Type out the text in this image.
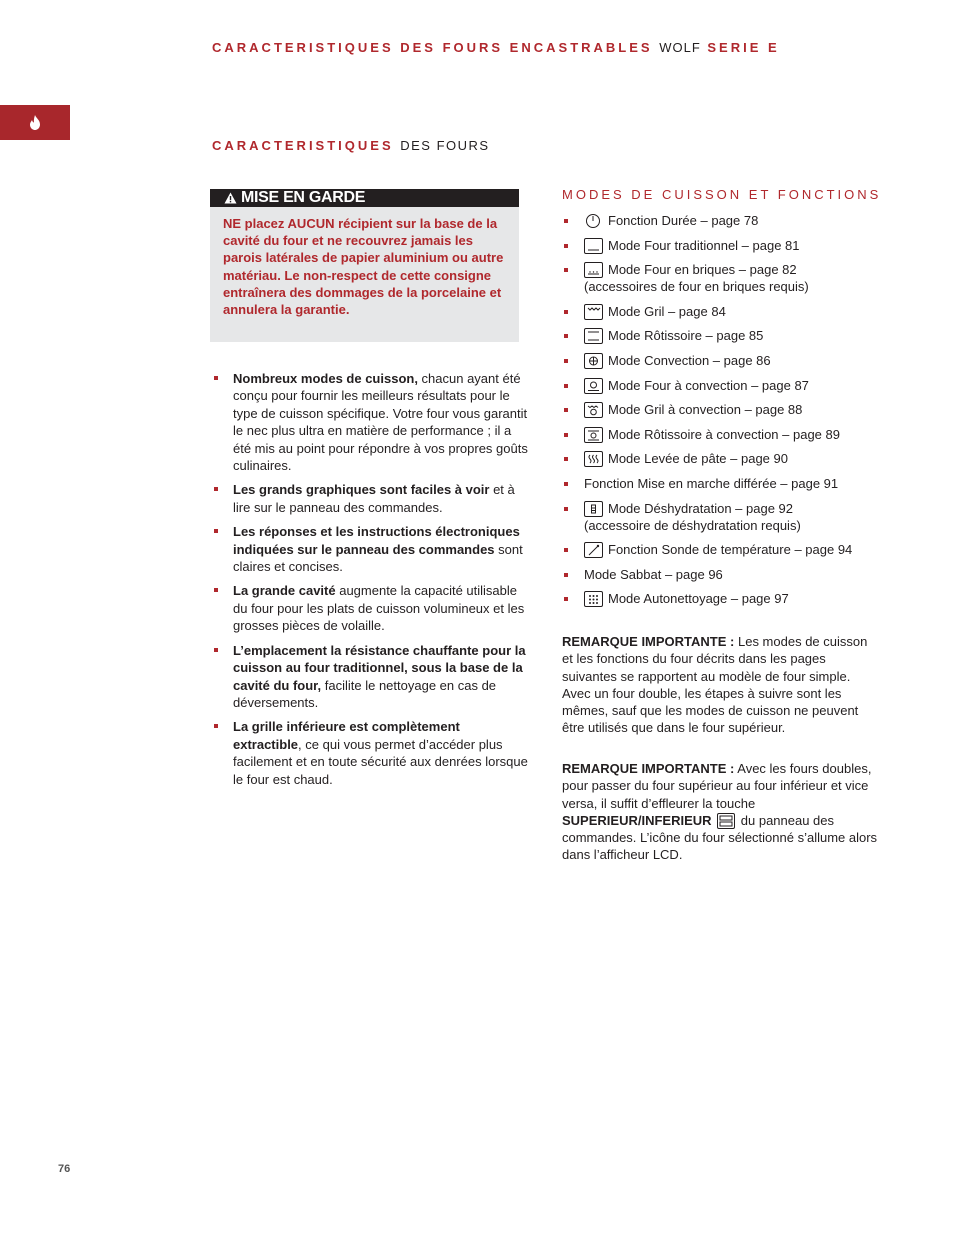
CARACTERISTIQUES DES FOURS ENCASTRABLES WOLF SERIE E
CARACTERISTIQUES DES FOURS
MISE EN GARDE
NE placez AUCUN récipient sur la base de la cavité du four et ne recouvrez jamais les parois latérales de papier aluminium ou autre matériau. Le non-respect de cette consigne entraînera des dommages de la porcelaine et annulera la garantie.
Nombreux modes de cuisson, chacun ayant été conçu pour fournir les meilleurs résultats pour le type de cuisson spécifique. Votre four vous garantit le nec plus ultra en matière de performance ; il a été mis au point pour répondre à vos propres goûts culinaires.
Les grands graphiques sont faciles à voir et à lire sur le panneau des commandes.
Les réponses et les instructions électroniques indiquées sur le panneau des commandes sont claires et concises.
La grande cavité augmente la capacité utilisable du four pour les plats de cuisson volumineux et les grosses pièces de volaille.
L’emplacement la résistance chauffante pour la cuisson au four traditionnel, sous la base de la cavité du four, facilite le nettoyage en cas de déversements.
La grille inférieure est complètement extractible, ce qui vous permet d’accéder plus facilement et en toute sécurité aux denrées lorsque le four est chaud.
MODES DE CUISSON ET FONCTIONS
Fonction Durée – page 78
Mode Four traditionnel – page 81
Mode Four en briques – page 82
(accessoires de four en briques requis)
Mode Gril – page 84
Mode Rôtissoire – page 85
Mode Convection – page 86
Mode Four à convection – page 87
Mode Gril à convection – page 88
Mode Rôtissoire à convection – page 89
Mode Levée de pâte – page 90
Fonction Mise en marche différée – page 91
Mode Déshydratation – page 92
(accessoire de déshydratation requis)
Fonction Sonde de température – page 94
Mode Sabbat – page 96
Mode Autonettoyage – page 97

REMARQUE IMPORTANTE : Les modes de cuisson et les fonctions du four décrits dans les pages suivantes se rapportent au modèle de four simple. Avec un four double, les étapes à suivre sont les mêmes, sauf que les modes de cuisson ne peuvent être utilisés que dans le four supérieur.

REMARQUE IMPORTANTE : Avec les fours doubles, pour passer du four supérieur au four inférieur et vice versa, il suffit d’effleurer la touche SUPERIEUR/INFERIEUR
du panneau des commandes. L’icône du four sélectionné s’allume alors dans l’afficheur LCD.

76
